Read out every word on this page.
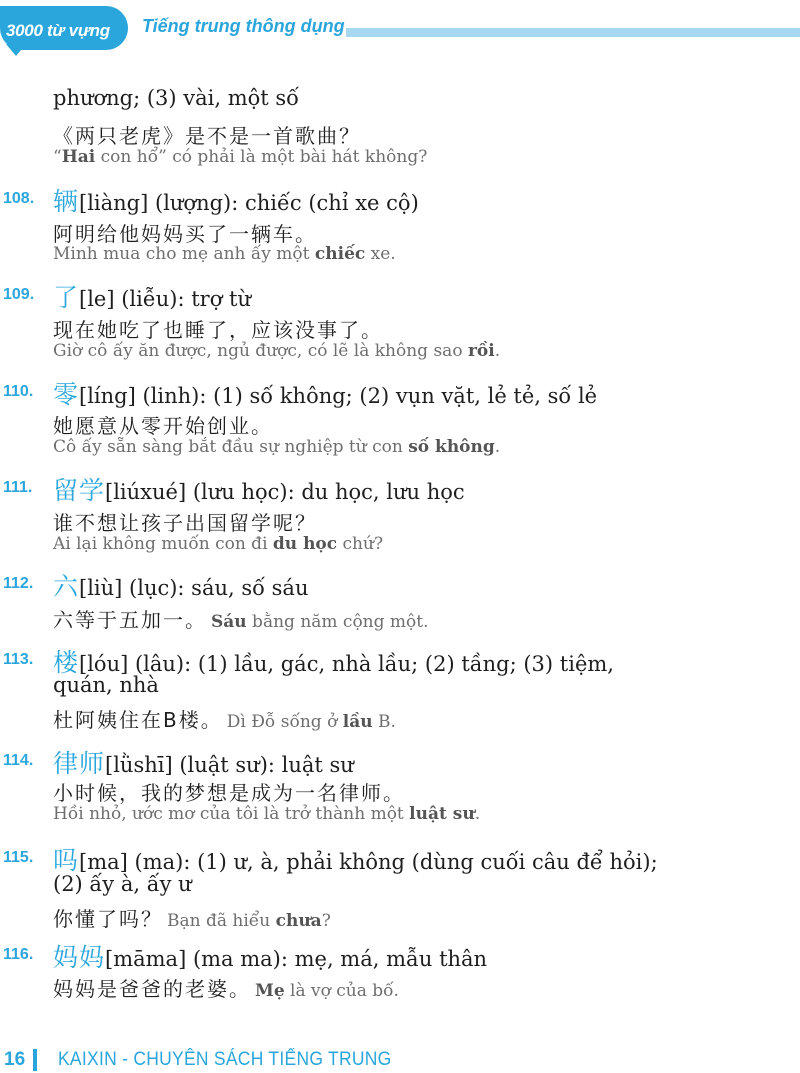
3000 từ vựng Tiếng trung thông dụng
phương; (3) vài, một số
《两只老虎》是不是一首歌曲？
“Hai con hổ” có phải là một bài hát không?
108. 辆[liàng] (lượng): chiếc (chỉ xe cộ)
阿明给他妈妈买了一辆车。
Minh mua cho mẹ anh ấy một chiếc xe.
109. 了[le] (liễu): trợ từ
现在她吃了也睡了，应该没事了。
Giờ cô ấy ăn được, ngủ được, có lẽ là không sao rồi.
110. 零[líng] (linh): (1) số không; (2) vụn vặt, lẻ tẻ, số lẻ
她愿意从零开始创业。
Cô ấy sẵn sàng bắt đầu sự nghiệp từ con số không.
111. 留学[liúxué] (lưu học): du học, lưu học
谁不想让孩子出国留学呢？
Ai lại không muốn con đi du học chứ?
112. 六[liù] (lục): sáu, số sáu
六等于五加一。 Sáu bằng năm cộng một.
113. 楼[lóu] (lâu): (1) lầu, gác, nhà lầu; (2) tầng; (3) tiệm,
quán, nhà
杜阿姨住在B楼。 Dì Đỗ sống ở lầu B.
114. 律师[lǜshī] (luật sư): luật sư
小时候，我的梦想是成为一名律师。
Hồi nhỏ, ước mơ của tôi là trở thành một luật sư.
115. 吗[ma] (ma): (1) ư, à, phải không (dùng cuối câu để hỏi);
(2) ấy à, ấy ư
你懂了吗？ Bạn đã hiểu chưa?
116. 妈妈[māma] (ma ma): mẹ, má, mẫu thân
妈妈是爸爸的老婆。 Mẹ là vợ của bố.
16 KAIXIN - CHUYÊN SÁCH TIẾNG TRUNG
